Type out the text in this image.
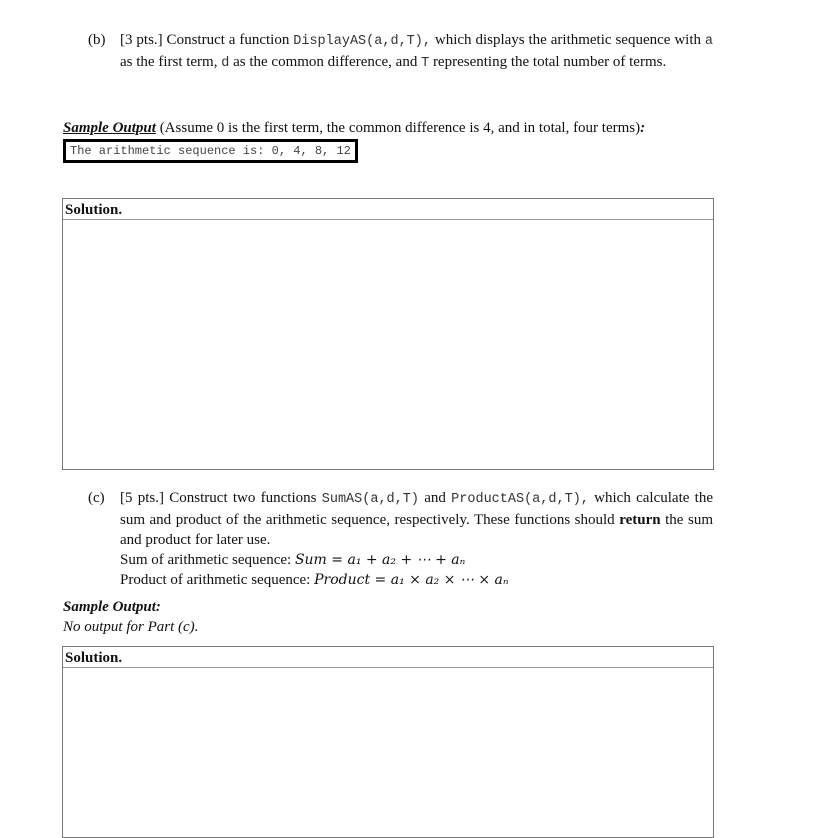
(b) [3 pts.] Construct a function DisplayAS(a,d,T), which displays the arithmetic sequence with a as the first term, d as the common difference, and T representing the total number of terms.

Sample Output (Assume 0 is the first term, the common difference is 4, and in total, four terms):
The arithmetic sequence is: 0, 4, 8, 12
Solution.
(c) [5 pts.] Construct two functions SumAS(a,d,T) and ProductAS(a,d,T), which calculate the sum and product of the arithmetic sequence, respectively. These functions should return the sum and product for later use.

Sum of arithmetic sequence: Sum = a₁ + a₂ + ⋯ + aₙ

Product of arithmetic sequence: Product = a₁ × a₂ × ⋯ × aₙ

Sample Output:
No output for Part (c).
Solution.
